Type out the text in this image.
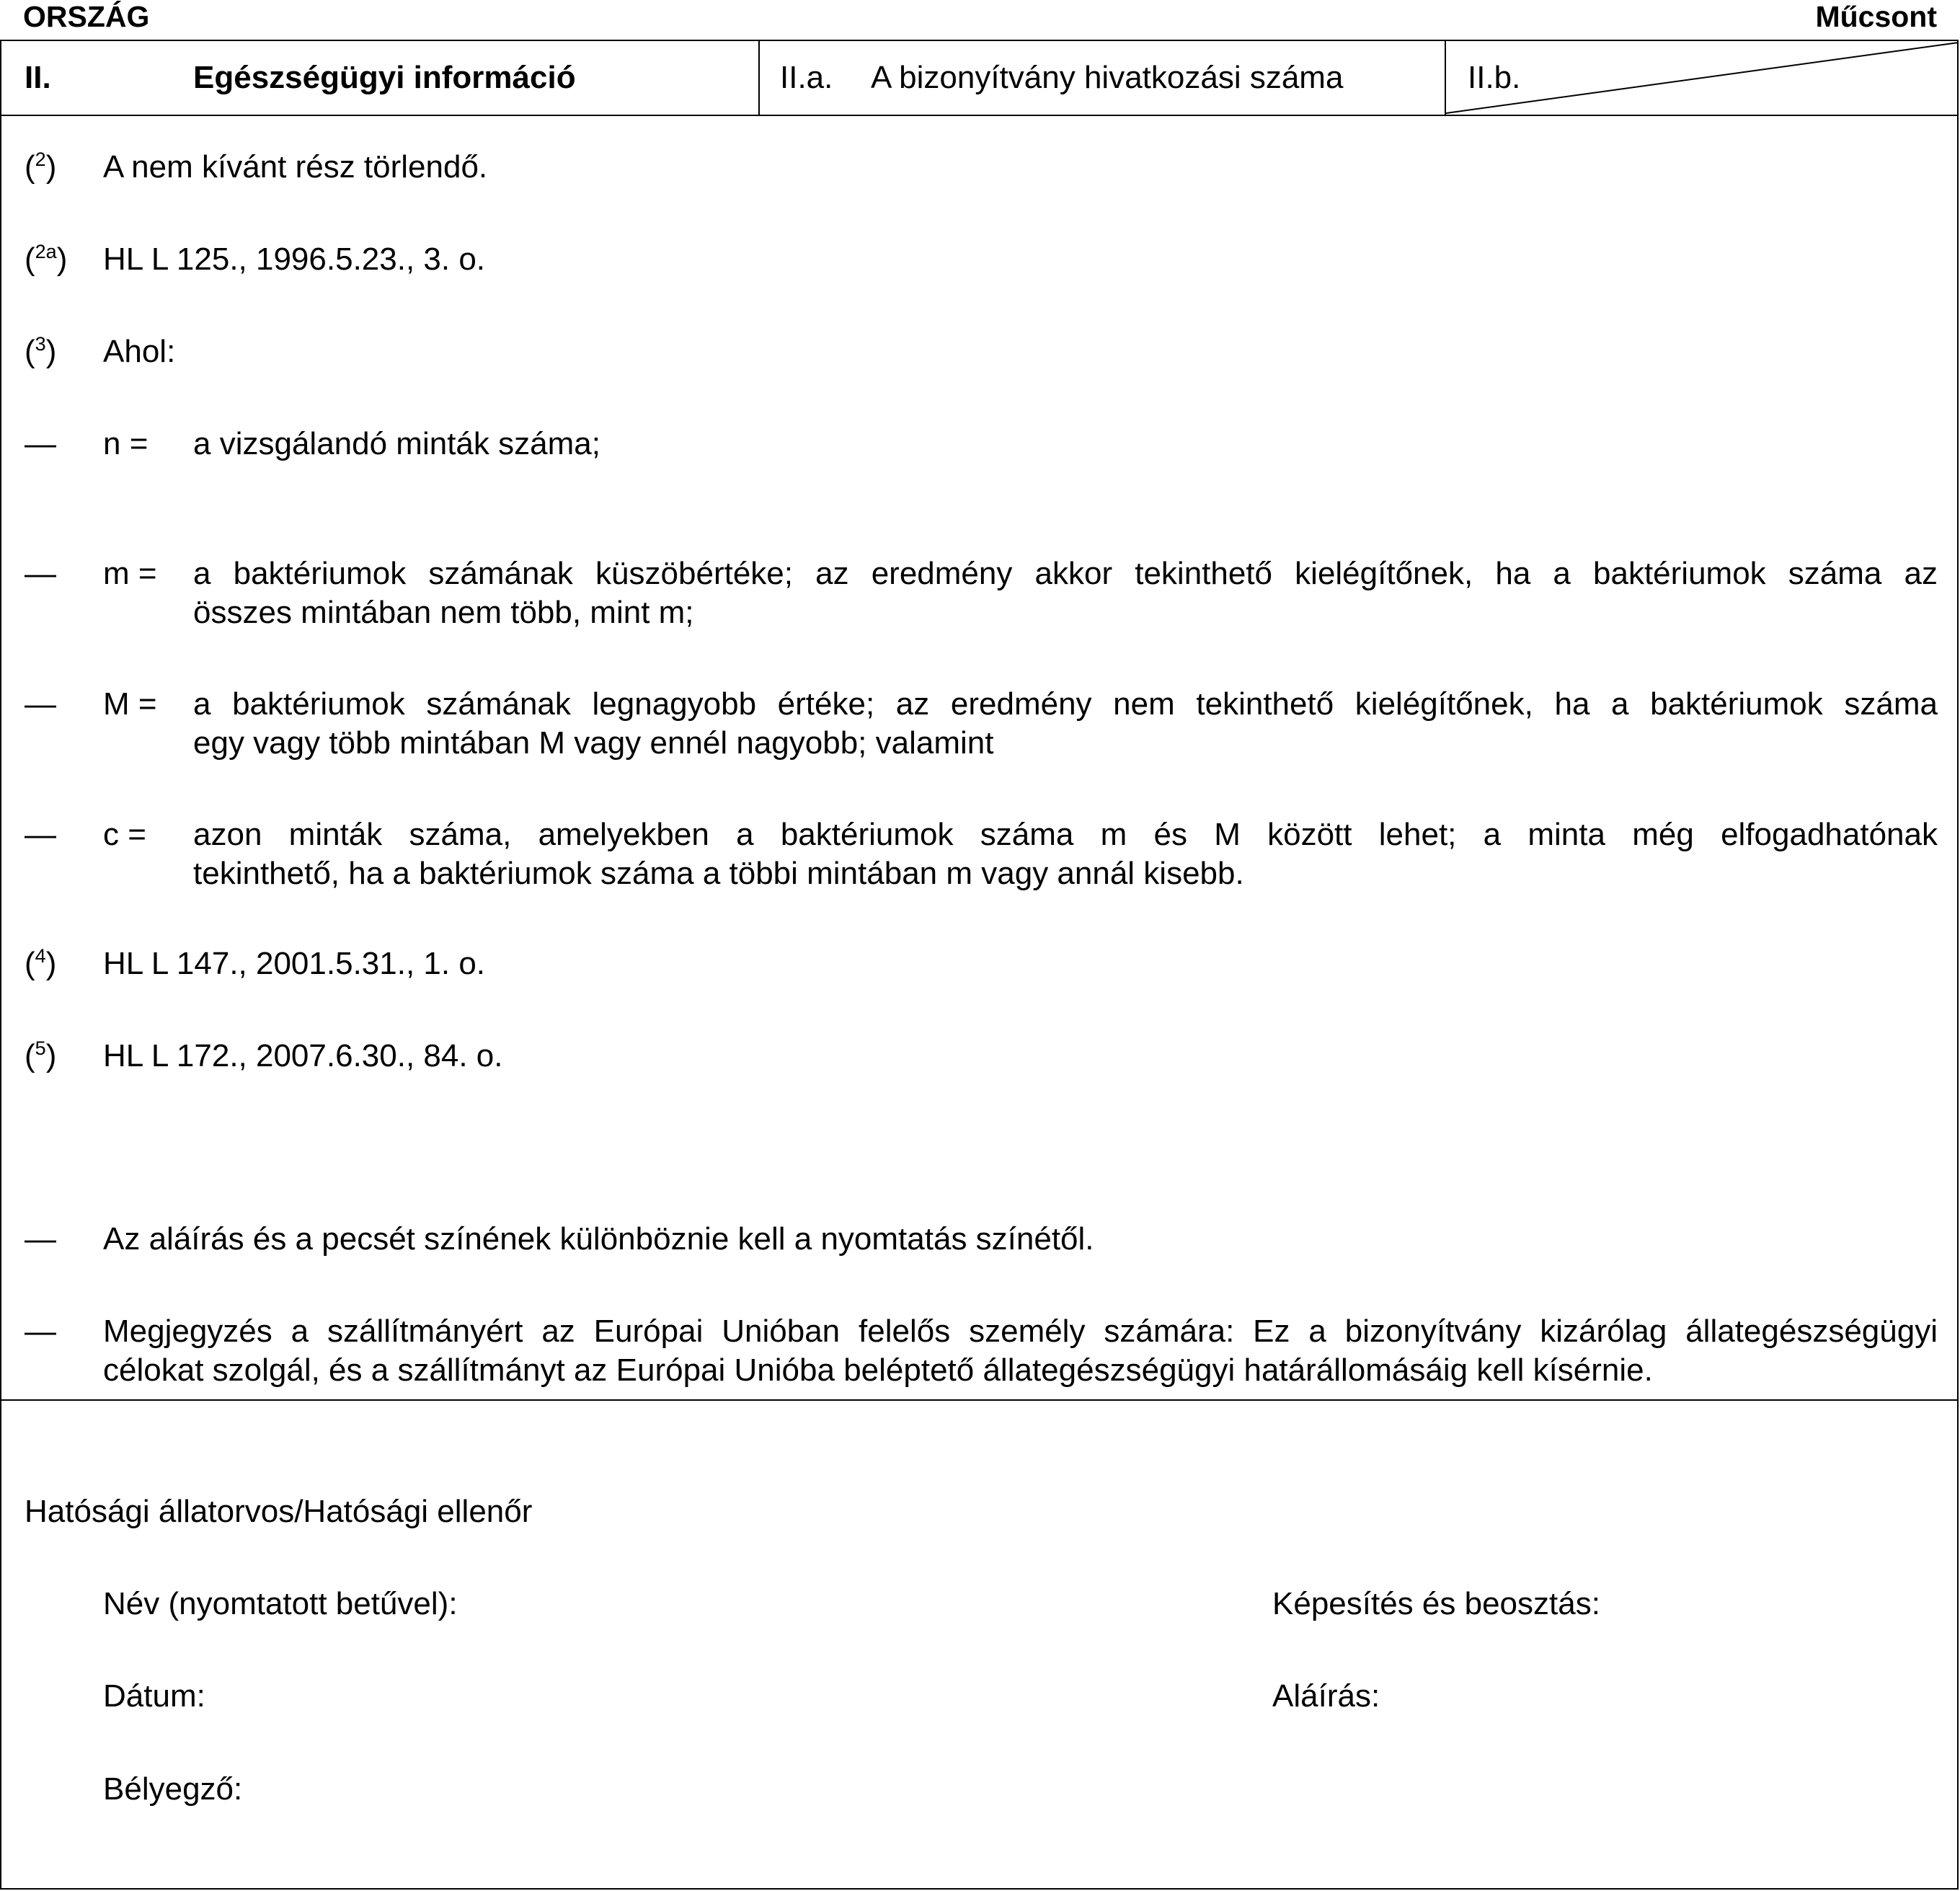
ORSZÁG	Műcsont
II.	Egészségügyi információ	II.a. A bizonyítvány hivatkozási száma	II.b.
($^2$) A nem kívánt rész törlendő.
($^{2a}$) HL L 125., 1996.5.23., 3. o.
($^3$) Ahol:
— n = a vizsgálandó minták száma;
— m = a baktériumok számának küszöbértéke; az eredmény akkor tekinthető kielégítőnek, ha a baktériumok száma az
összes mintában nem több, mint m;
— M = a baktériumok számának legnagyobb értéke; az eredmény nem tekinthető kielégítőnek, ha a baktériumok száma
egy vagy több mintában M vagy ennél nagyobb; valamint
— c = azon minták száma, amelyekben a baktériumok száma m és M között lehet; a minta még elfogadhatónak
tekinthető, ha a baktériumok száma a többi mintában m vagy annál kisebb.
($^4$) HL L 147., 2001.5.31., 1. o.
($^5$) HL L 172., 2007.6.30., 84. o.
— Az aláírás és a pecsét színének különböznie kell a nyomtatás színétől.
— Megjegyzés a szállítmányért az Európai Unióban felelős személy számára: Ez a bizonyítvány kizárólag állategészségügyi
célokat szolgál, és a szállítmányt az Európai Unióba beléptető állategészségügyi határállomásáig kell kísérnie.
Hatósági állatorvos/Hatósági ellenőr
Név (nyomtatott betűvel):	Képesítés és beosztás:
Dátum:	Aláírás:
Bélyegző:
